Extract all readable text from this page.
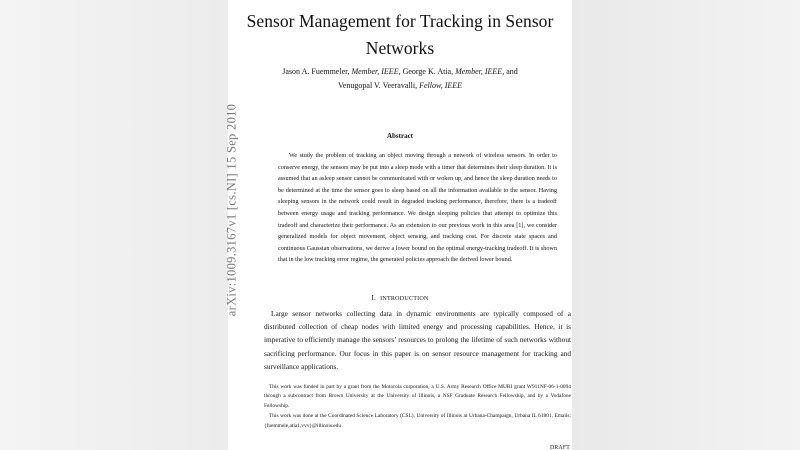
Sensor Management for Tracking in Sensor Networks
Jason A. Fuemmeler, Member, IEEE, George K. Atia, Member, IEEE, and
Venugopal V. Veeravalli, Fellow, IEEE
Abstract

We study the problem of tracking an object moving through a network of wireless sensors. In order to conserve energy, the sensors may be put into a sleep mode with a timer that determines their sleep duration. It is assumed that an asleep sensor cannot be communicated with or woken up, and hence the sleep duration needs to be determined at the time the sensor goes to sleep based on all the information available to the sensor. Having sleeping sensors in the network could result in degraded tracking performance, therefore, there is a tradeoff between energy usage and tracking performance. We design sleeping policies that attempt to optimize this tradeoff and characterize their performance. As an extension to our previous work in this area [1], we consider generalized models for object movement, object sensing, and tracking cost. For discrete state spaces and continuous Gaussian observations, we derive a lower bound on the optimal energy-tracking tradeoff. It is shown that in the low tracking error regime, the generated policies approach the derived lower bound.

I. INTRODUCTION

Large sensor networks collecting data in dynamic environments are typically composed of a distributed collection of cheap nodes with limited energy and processing capabilities. Hence, it is imperative to efficiently manage the sensors’ resources to prolong the lifetime of such networks without sacrificing performance. Our focus in this paper is on sensor resource management for tracking and surveillance applications.

This work was funded in part by a grant from the Motorola corporation, a U.S. Army Research Office MURI grant W911NF-06-1-0094 through a subcontract from Brown University at the University of Illinois, a NSF Graduate Research Fellowship, and by a Vodafone Fellowship.

This work was done at the Coordinated Science Laboratory (CSL), University of Illinois at Urbana-Champaign, Urbana IL 61801, Emails: {fuemmele,atia1,vvv}@illinois.edu

DRAFT
arXiv:1009.3167v1 [cs.NI] 15 Sep 2010
